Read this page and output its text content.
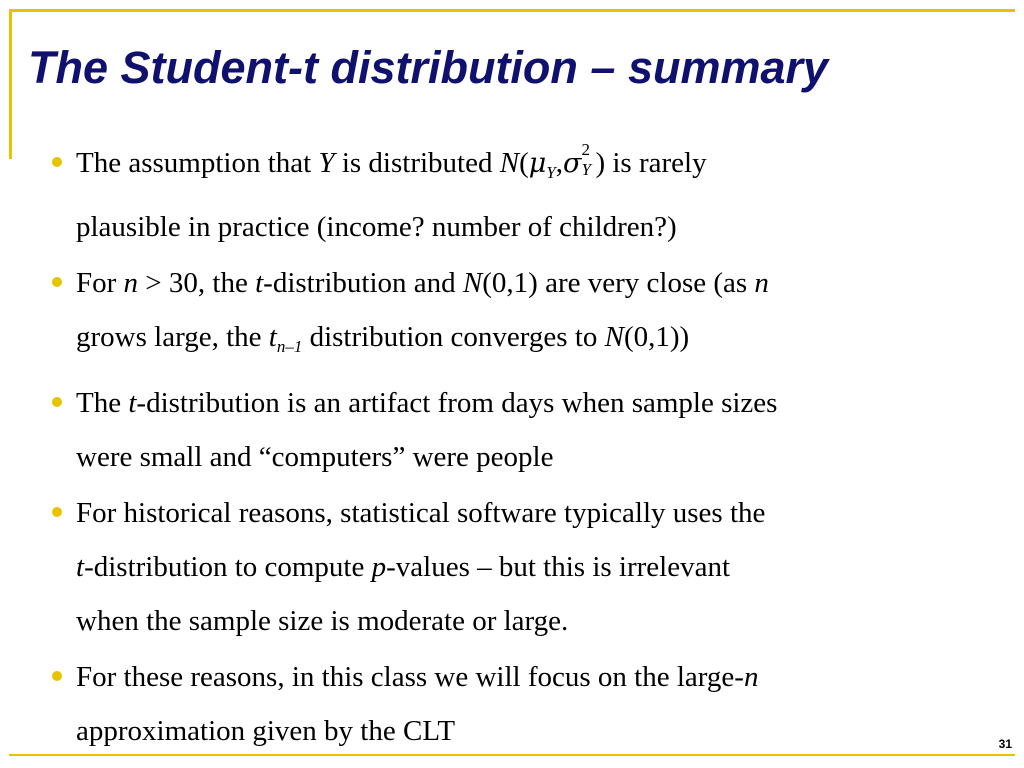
The Student-t distribution – summary
The assumption that Y is distributed $N(\mu_Y,\sigma$ 2
Y ) is rarely
plausible in practice (income? number of children?)
For n > 30, the t-distribution and N(0,1) are very close (as n
grows large, the $t_{n-1}$ distribution converges to N(0,1))
The t-distribution is an artifact from days when sample sizes
were small and “computers” were people
For historical reasons, statistical software typically uses the
t-distribution to compute p-values – but this is irrelevant
when the sample size is moderate or large.
For these reasons, in this class we will focus on the large-n
approximation given by the CLT	31
